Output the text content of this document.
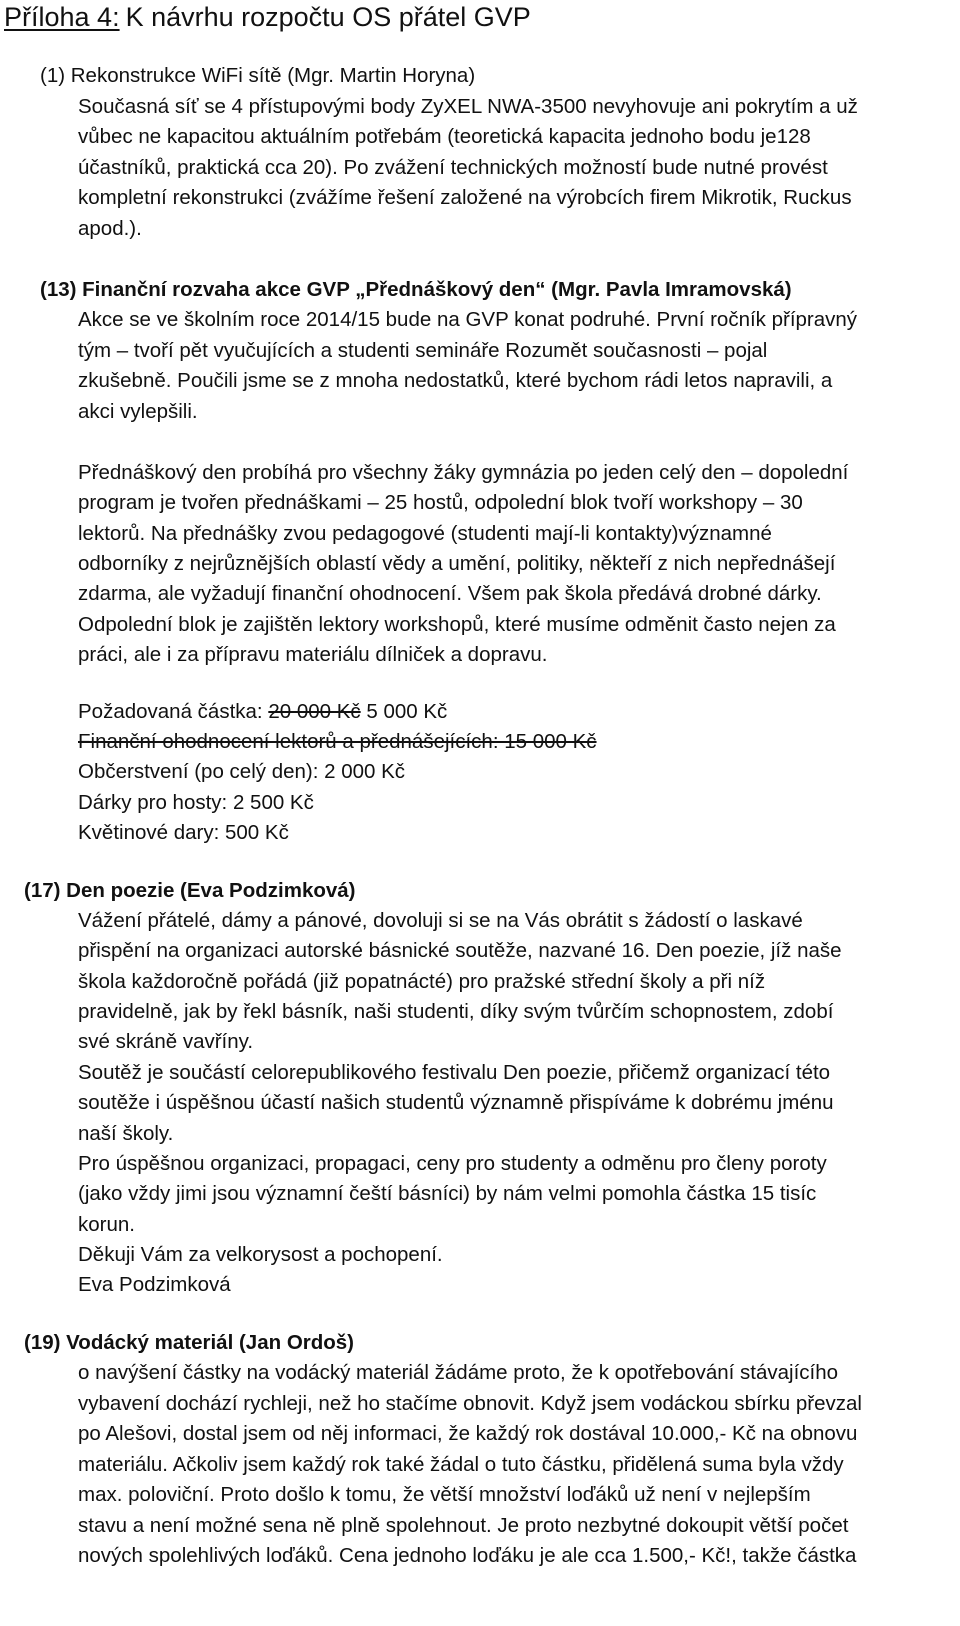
Příloha 4: K návrhu rozpočtu OS přátel GVP
(1) Rekonstrukce WiFi sítě (Mgr. Martin Horyna)
Současná síť se 4 přístupovými body ZyXEL NWA-3500 nevyhovuje ani pokrytím a už
vůbec ne kapacitou aktuálním potřebám (teoretická kapacita jednoho bodu je128
účastníků, praktická cca 20). Po zvážení technických možností bude nutné provést
kompletní rekonstrukci (zvážíme řešení založené na výrobcích firem Mikrotik, Ruckus
apod.).
(13) Finanční rozvaha akce GVP „Přednáškový den“ (Mgr. Pavla Imramovská)
Akce se ve školním roce 2014/15 bude na GVP konat podruhé. První ročník přípravný
tým – tvoří pět vyučujících a studenti semináře Rozumět současnosti – pojal
zkušebně. Poučili jsme se z mnoha nedostatků, které bychom rádi letos napravili, a
akci vylepšili.
Přednáškový den probíhá pro všechny žáky gymnázia po jeden celý den – dopolední
program je tvořen přednáškami – 25 hostů, odpolední blok tvoří workshopy – 30
lektorů. Na přednášky zvou pedagogové (studenti mají-li kontakty)významné
odborníky z nejrůznějších oblastí vědy a umění, politiky, někteří z nich nepřednášejí
zdarma, ale vyžadují finanční ohodnocení. Všem pak škola předává drobné dárky.
Odpolední blok je zajištěn lektory workshopů, které musíme odměnit často nejen za
práci, ale i za přípravu materiálu dílniček a dopravu.
Požadovaná částka: 20 000 Kč 5 000 Kč
Finanční ohodnocení lektorů a přednášejících: 15 000 Kč
Občerstvení (po celý den): 2 000 Kč
Dárky pro hosty: 2 500 Kč
Květinové dary: 500 Kč
(17) Den poezie (Eva Podzimková)
Vážení přátelé, dámy a pánové, dovoluji si se na Vás obrátit s žádostí o laskavé
přispění na organizaci autorské básnické soutěže, nazvané 16. Den poezie, jíž naše
škola každoročně pořádá (již popatnácté) pro pražské střední školy a při níž
pravidelně, jak by řekl básník, naši studenti, díky svým tvůrčím schopnostem, zdobí
své skráně vavříny.
Soutěž je součástí celorepublikového festivalu Den poezie, přičemž organizací této
soutěže i úspěšnou účastí našich studentů významně přispíváme k dobrému jménu
naší školy.
Pro úspěšnou organizaci, propagaci, ceny pro studenty a odměnu pro členy poroty
(jako vždy jimi jsou významní čeští básníci) by nám velmi pomohla částka 15 tisíc
korun.
Děkuji Vám za velkorysost a pochopení.
Eva Podzimková
(19) Vodácký materiál (Jan Ordoš)
o navýšení částky na vodácký materiál žádáme proto, že k opotřebování stávajícího
vybavení dochází rychleji, než ho stačíme obnovit. Když jsem vodáckou sbírku převzal
po Alešovi, dostal jsem od něj informaci, že každý rok dostával 10.000,- Kč na obnovu
materiálu. Ačkoliv jsem každý rok také žádal o tuto částku, přidělená suma byla vždy
max. poloviční. Proto došlo k tomu, že větší množství loďáků už není v nejlepším
stavu a není možné sena ně plně spolehnout. Je proto nezbytné dokoupit větší počet
nových spolehlivých loďáků. Cena jednoho loďáku je ale cca 1.500,- Kč!, takže částka
